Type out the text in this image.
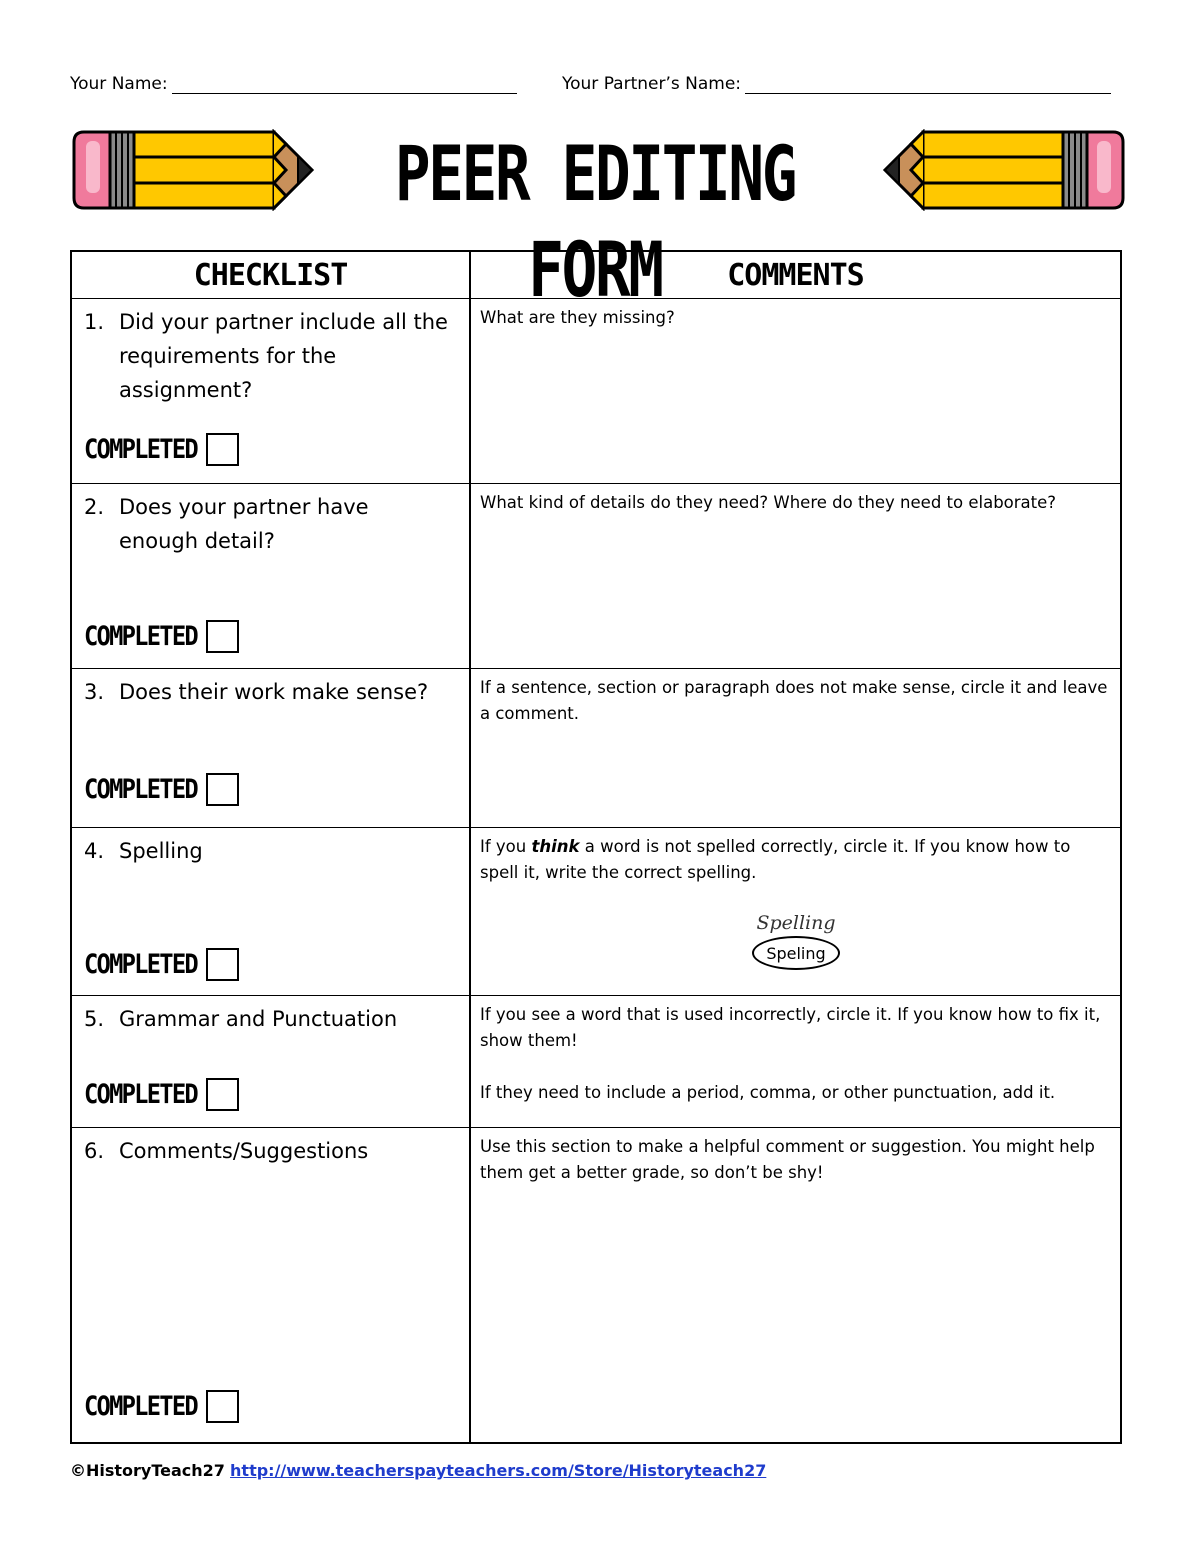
Your Name:	Your Partner’s Name:
PEER EDITING FORM
CHECKLIST	COMMENTS
1. Did your partner include all the requirements for the assignment?
COMPLETED
What are they missing?
2. Does your partner have enough detail?
COMPLETED
What kind of details do they need? Where do they need to elaborate?
3. Does their work make sense?
COMPLETED
If a sentence, section or paragraph does not make sense, circle it and leave a comment.
4. Spelling
COMPLETED
If you think a word is not spelled correctly, circle it. If you know how to spell it, write the correct spelling.
Spelling
Speling
5. Grammar and Punctuation
COMPLETED

If you see a word that is used incorrectly, circle it. If you know how to fix it, show them!

If they need to include a period, comma, or other punctuation, add it.

6. Comments/Suggestions
COMPLETED
Use this section to make a helpful comment or suggestion. You might help them get a better grade, so don’t be shy!
©HistoryTeach27 http://www.teacherspayteachers.com/Store/Historyteach27
